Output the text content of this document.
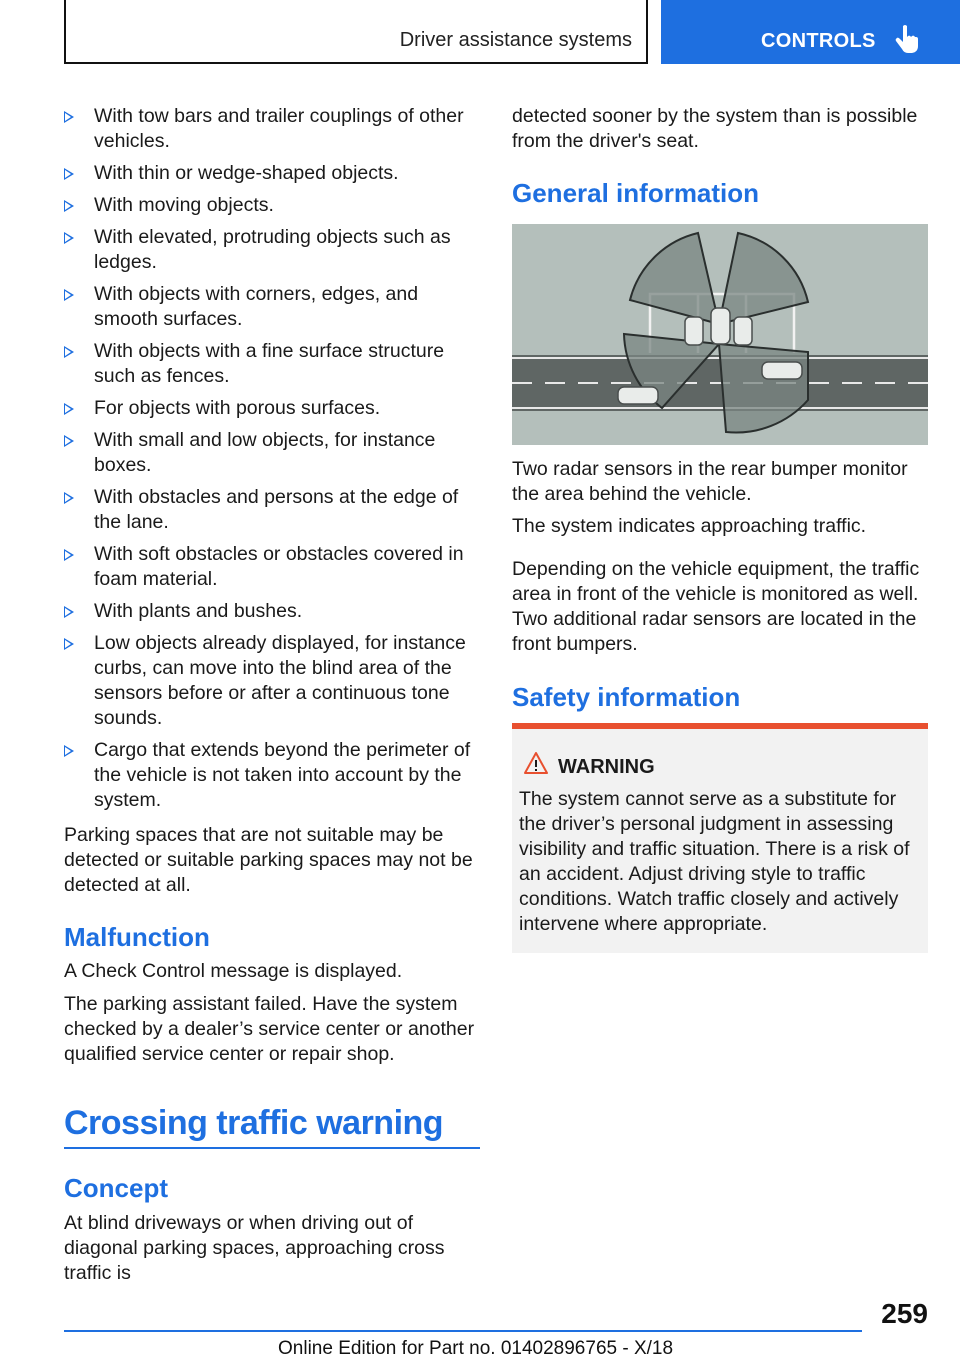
Driver assistance systems	CONTROLS
With tow bars and trailer couplings of other vehicles.
With thin or wedge-shaped objects.
With moving objects.
With elevated, protruding objects such as ledges.
With objects with corners, edges, and smooth surfaces.
With objects with a fine surface structure such as fences.
For objects with porous surfaces.
With small and low objects, for instance boxes.
With obstacles and persons at the edge of the lane.
With soft obstacles or obstacles covered in foam material.
With plants and bushes.
Low objects already displayed, for instance curbs, can move into the blind area of the sensors before or after a continuous tone sounds.
Cargo that extends beyond the perimeter of the vehicle is not taken into account by the system.
Parking spaces that are not suitable may be detected or suitable parking spaces may not be detected at all.
Malfunction
A Check Control message is displayed.
The parking assistant failed. Have the system checked by a dealer’s service center or another qualified service center or repair shop.
Crossing traffic warning
Concept
At blind driveways or when driving out of diagonal parking spaces, approaching cross traffic is
detected sooner by the system than is possible from the driver's seat.
General information
Two radar sensors in the rear bumper monitor the area behind the vehicle.
The system indicates approaching traffic.
Depending on the vehicle equipment, the traffic area in front of the vehicle is monitored as well. Two additional radar sensors are located in the front bumpers.
Safety information
WARNING
The system cannot serve as a substitute for the driver’s personal judgment in assessing visibility and traffic situation. There is a risk of an accident. Adjust driving style to traffic conditions. Watch traffic closely and actively intervene where appropriate.
259
Online Edition for Part no. 01402896765 - X/18
